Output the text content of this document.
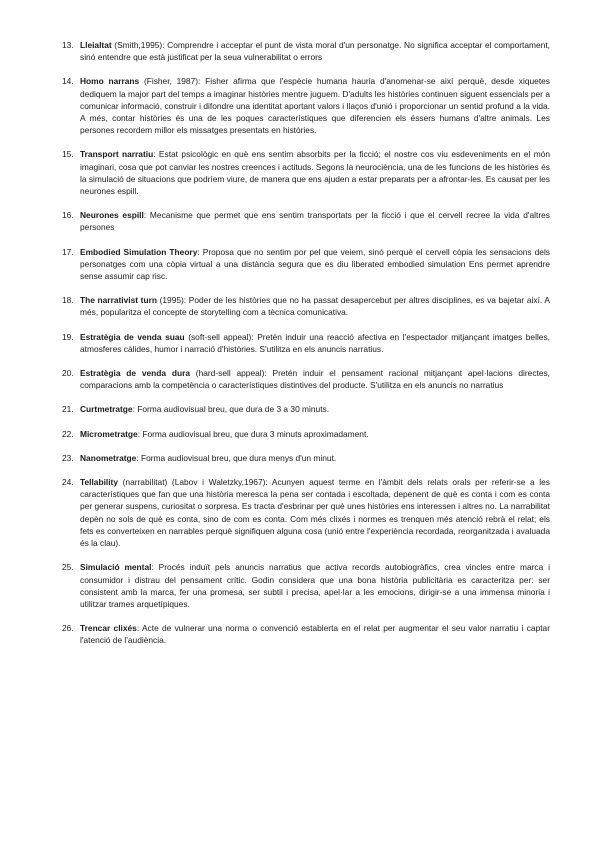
13. Lleialtat (Smith,1995): Comprendre i acceptar el punt de vista moral d'un personatge. No significa acceptar el comportament, sinó entendre que està justificat per la seua vulnerabilitat o errors
14. Homo narrans (Fisher, 1987): Fisher afirma que l'espècie humana hauria d'anomenar-se així perquè, desde xiquetes dediquem la major part del temps a imaginar històries mentre juguem. D'adults les històries continuen siguent essencials per a comunicar informació, construir i difondre una identitat aportant valors i llaços d'unió i proporcionar un sentid profund a la vida. A més, contar històries és una de les poques característiques que diferencien els éssers humans d'altre animals. Les persones recordem millor els missatges presentats en històries.
15. Transport narratiu: Estat psicològic en què ens sentim absorbits per la ficció; el nostre cos viu esdeveniments en el món imaginari, cosa que pot canviar les nostres creences i actituds. Segons la neurociència, una de les funcions de les històries és la simulació de situacions que podríem viure, de manera que ens ajuden a estar preparats per a afrontar-les. Es causat per les neurones espill.
16. Neurones espill: Mecanisme que permet que ens sentim transportats per la ficció i que el cervell recree la vida d'altres persones
17. Embodied Simulation Theory: Proposa que no sentim por pel que veiem, sinó perquè el cervell còpia les sensacions dels personatges com una còpia virtual a una distància segura que es diu liberated embodied simulation Ens permet aprendre sense assumir cap risc.
18. The narrativist turn (1995): Poder de les històries que no ha passat desapercebut per altres disciplines, es va bajetar així. A més, popularitza el concepte de storytelling com a tècnica comunicativa.
19. Estratègia de venda suau (soft-sell appeal): Pretén induir una reacció afectiva en l'espectador mitjançant imatges belles, atmosferes càlides, humor i narració d'històries. S'utilitza en els anuncis narratius.
20. Estratègia de venda dura (hard-sell appeal): Pretén induir el pensament racional mitjançant apel·lacions directes, comparacions amb la competència o característiques distintives del producte. S'utilitza en els anuncis no narratius
21. Curtmetratge: Forma audiovisual breu, que dura de 3 a 30 minuts.
22. Micrometratge: Forma audiovisual breu, que dura 3 minuts aproximadament.
23. Nanometratge: Forma audiovisual breu, que dura menys d'un minut.
24. Tellability (narrabilitat) (Labov i Waletzky,1967): Acunyen aquest terme en l'àmbit dels relats orals per referir-se a les característiques que fan que una història meresca la pena ser contada i escoltada, depenent de què es conta i com es conta per generar suspens, curiositat o sorpresa. Es tracta d'esbrinar per què unes històries ens interessen i altres no. La narrabilitat depèn no sols de què es conta, sino de com es conta. Com més clixés i normes es trenquen més atenció rebrà el relat; els fets es converteixen en narrables perquè signifiquen alguna cosa (unió entre l'experiència recordada, reorganitzada i avaluada és la clau).
25. Simulació mental: Procés induït pels anuncis narratius que activa records autobiogràfics, crea vincles entre marca i consumidor i distrau del pensament crític. Godin considera que una bona història publicitària es caracteritza per: ser consistent amb la marca, fer una promesa, ser subtil i precisa, apel·lar a les emocions, dirigir-se a una immensa minoria i utilitzar trames arquetípiques.
26. Trencar clixés: Acte de vulnerar una norma o convenció establerta en el relat per augmentar el seu valor narratiu i captar l'atenció de l'audiència.
